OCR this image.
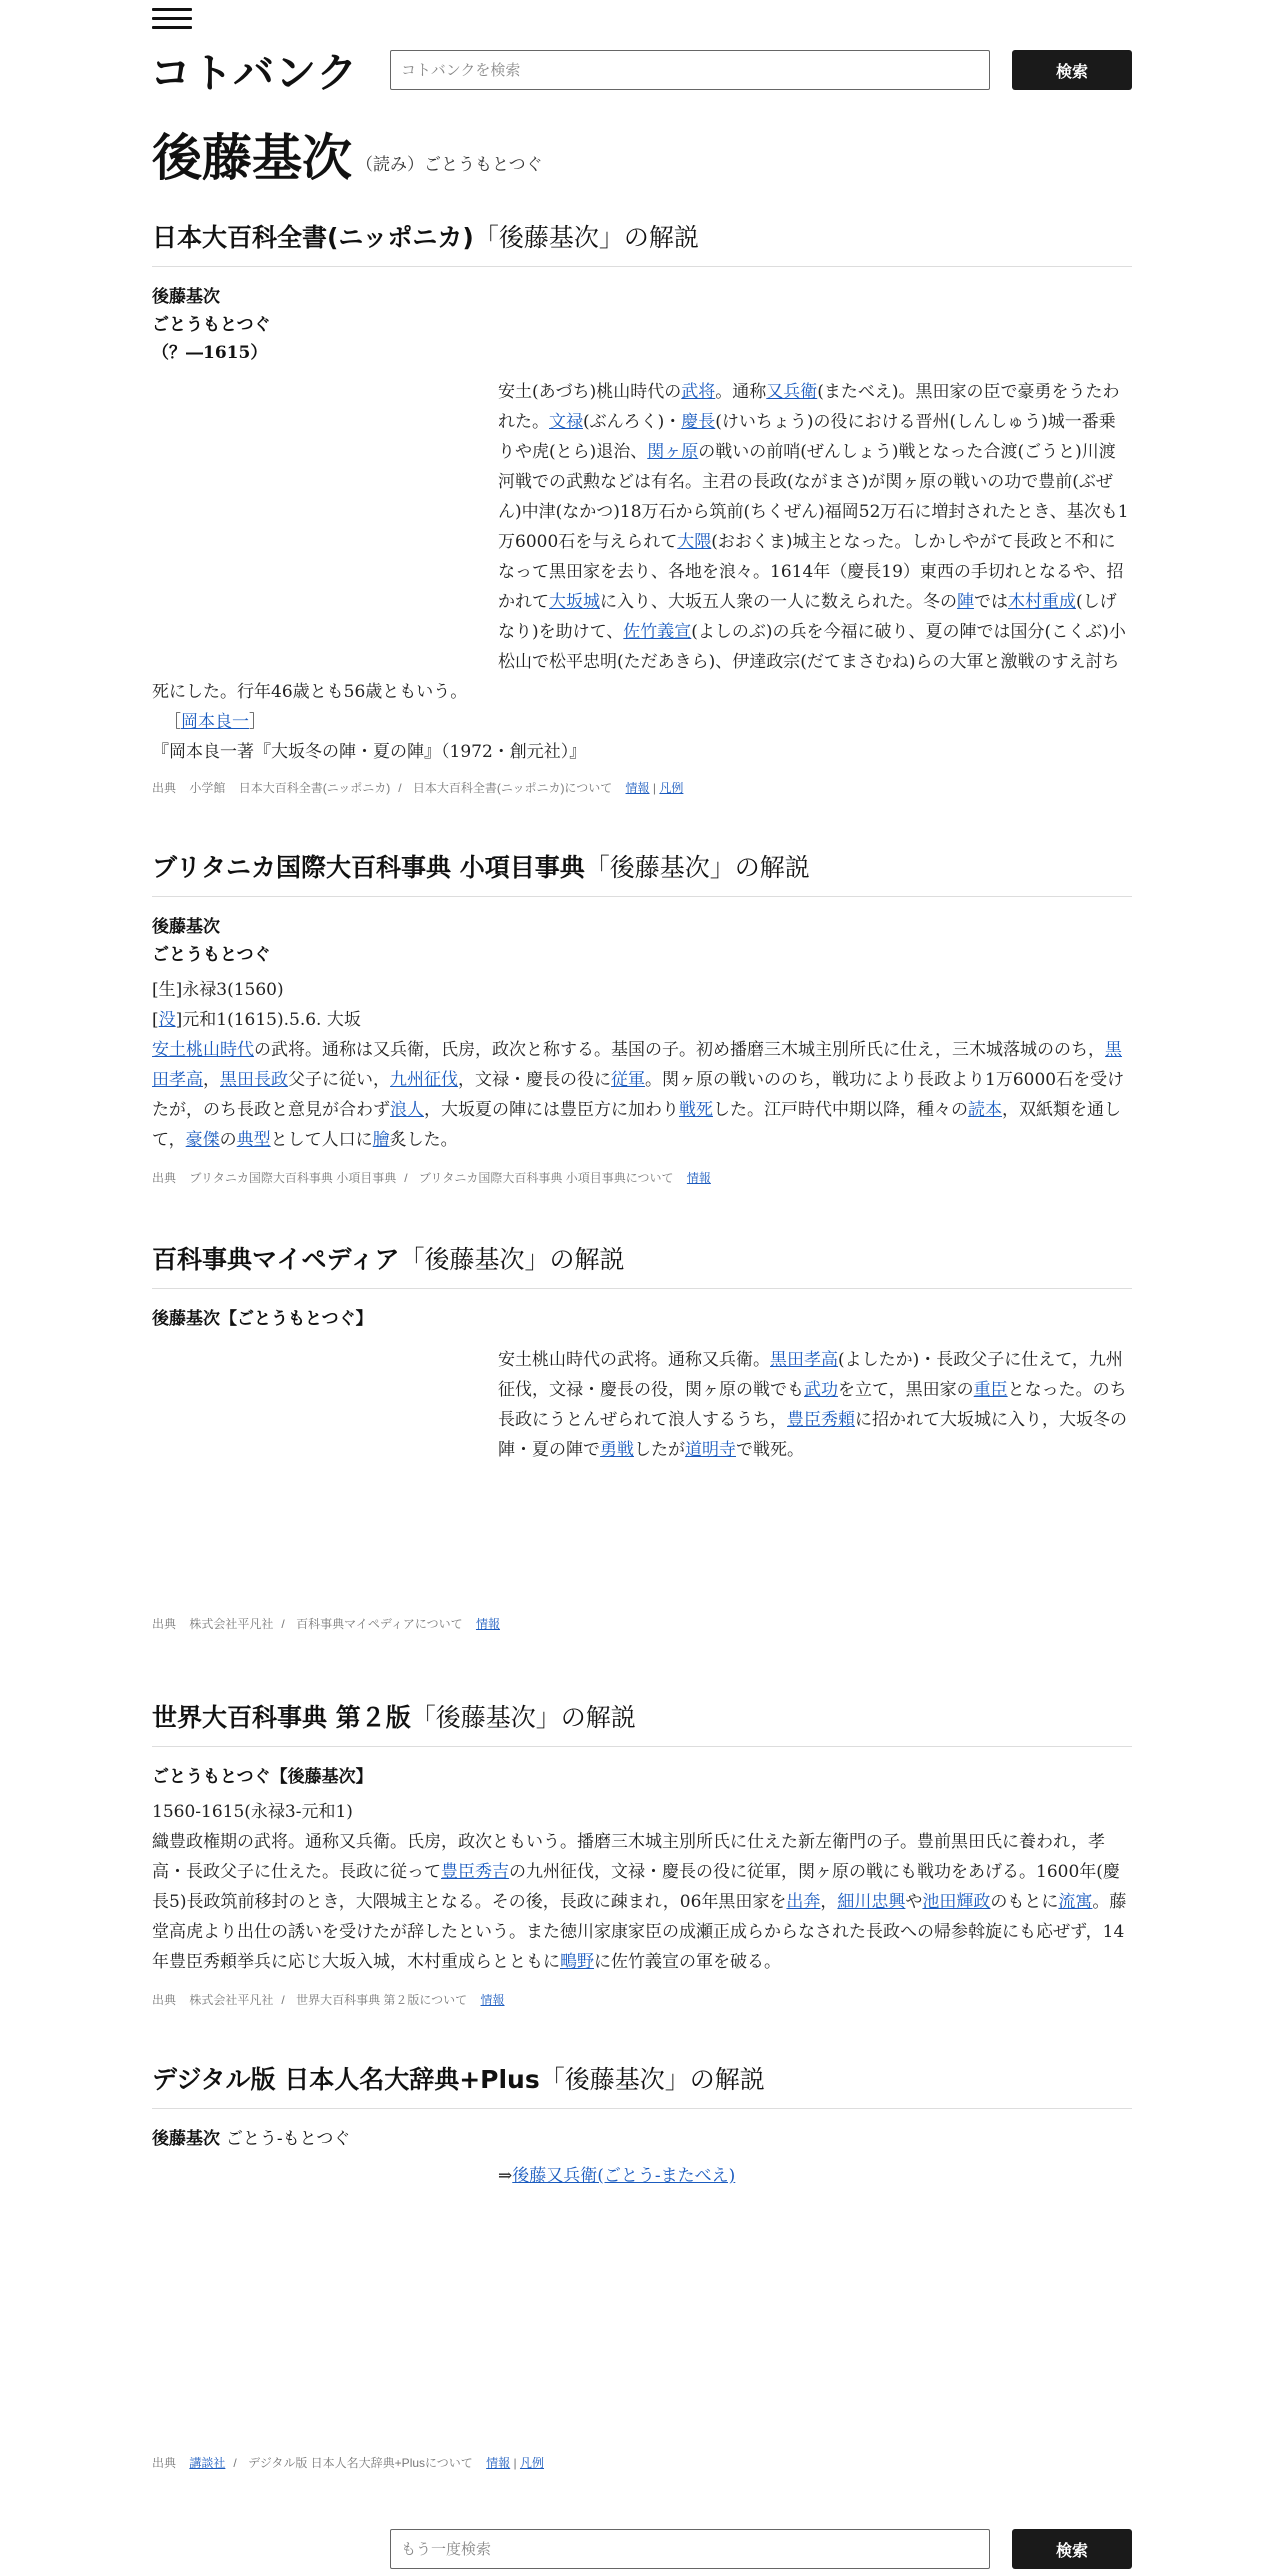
コトバンク
コトバンクを検索	検索
後藤基次 （読み）ごとうもとつぐ
日本大百科全書(ニッポニカ)「後藤基次」の解説
後藤基次
ごとうもとつぐ
（？―1615）
安土(あづち)桃山時代の武将。通称又兵衛(またべえ)。黒田家の臣で豪勇をうたわれた。文禄(ぶんろく)・慶長(けいちょう)の役における晋州(しんしゅう)城一番乗りや虎(とら)退治、関ヶ原の戦いの前哨(ぜんしょう)戦となった合渡(ごうと)川渡河戦での武勲などは有名。主君の長政(ながまさ)が関ヶ原の戦いの功で豊前(ぶぜん)中津(なかつ)18万石から筑前(ちくぜん)福岡52万石に増封されたとき、基次も1万6000石を与えられて大隈(おおくま)城主となった。しかしやがて長政と不和になって黒田家を去り、各地を浪々。1614年（慶長19）東西の手切れとなるや、招かれて大坂城に入り、大坂五人衆の一人に数えられた。冬の陣では木村重成(しげなり)を助けて、佐竹義宣(よしのぶ)の兵を今福に破り、夏の陣では国分(こくぶ)小松山で松平忠明(ただあきら)、伊達政宗(だてまさむね)らの大軍と激戦のすえ討ち死にした。行年46歳とも56歳ともいう。
［岡本良一］
『岡本良一著『大坂冬の陣・夏の陣』（1972・創元社）』
出典 小学館 日本大百科全書(ニッポニカ) / 日本大百科全書(ニッポニカ)について 情報 | 凡例
ブリタニカ国際大百科事典 小項目事典「後藤基次」の解説
後藤基次
ごとうもとつぐ
[生]永禄3(1560)
[没]元和1(1615).5.6. 大坂
安土桃山時代の武将。通称は又兵衛，氏房，政次と称する。基国の子。初め播磨三木城主別所氏に仕え，三木城落城ののち，黒田孝高，黒田長政父子に従い，九州征伐，文禄・慶長の役に従軍。関ヶ原の戦いののち，戦功により長政より1万6000石を受けたが，のち長政と意見が合わず浪人，大坂夏の陣には豊臣方に加わり戦死した。江戸時代中期以降，種々の読本，双紙類を通して，豪傑の典型として人口に膾炙した。
出典 ブリタニカ国際大百科事典 小項目事典 / ブリタニカ国際大百科事典 小項目事典について 情報
百科事典マイペディア「後藤基次」の解説
後藤基次【ごとうもとつぐ】
安土桃山時代の武将。通称又兵衛。黒田孝高(よしたか)・長政父子に仕えて，九州征伐，文禄・慶長の役，関ヶ原の戦でも武功を立て，黒田家の重臣となった。のち長政にうとんぜられて浪人するうち，豊臣秀頼に招かれて大坂城に入り，大坂冬の陣・夏の陣で勇戦したが道明寺で戦死。
出典 株式会社平凡社 / 百科事典マイペディアについて 情報
世界大百科事典 第２版「後藤基次」の解説
ごとうもとつぐ【後藤基次】
1560-1615(永禄3-元和1)
織豊政権期の武将。通称又兵衛。氏房，政次ともいう。播磨三木城主別所氏に仕えた新左衛門の子。豊前黒田氏に養われ，孝高・長政父子に仕えた。長政に従って豊臣秀吉の九州征伐，文禄・慶長の役に従軍，関ヶ原の戦にも戦功をあげる。1600年(慶長5)長政筑前移封のとき，大隈城主となる。その後，長政に疎まれ，06年黒田家を出奔，細川忠興や池田輝政のもとに流寓。藤堂高虎より出仕の誘いを受けたが辞したという。また徳川家康家臣の成瀬正成らからなされた長政への帰参斡旋にも応ぜず，14年豊臣秀頼挙兵に応じ大坂入城，木村重成らとともに鴫野に佐竹義宣の軍を破る。
出典 株式会社平凡社 / 世界大百科事典 第２版について 情報
デジタル版 日本人名大辞典+Plus「後藤基次」の解説
後藤基次 ごとう-もとつぐ
⇒後藤又兵衛(ごとう-またべえ)
出典 講談社 / デジタル版 日本人名大辞典+Plusについて 情報 | 凡例
もう一度検索
検索
